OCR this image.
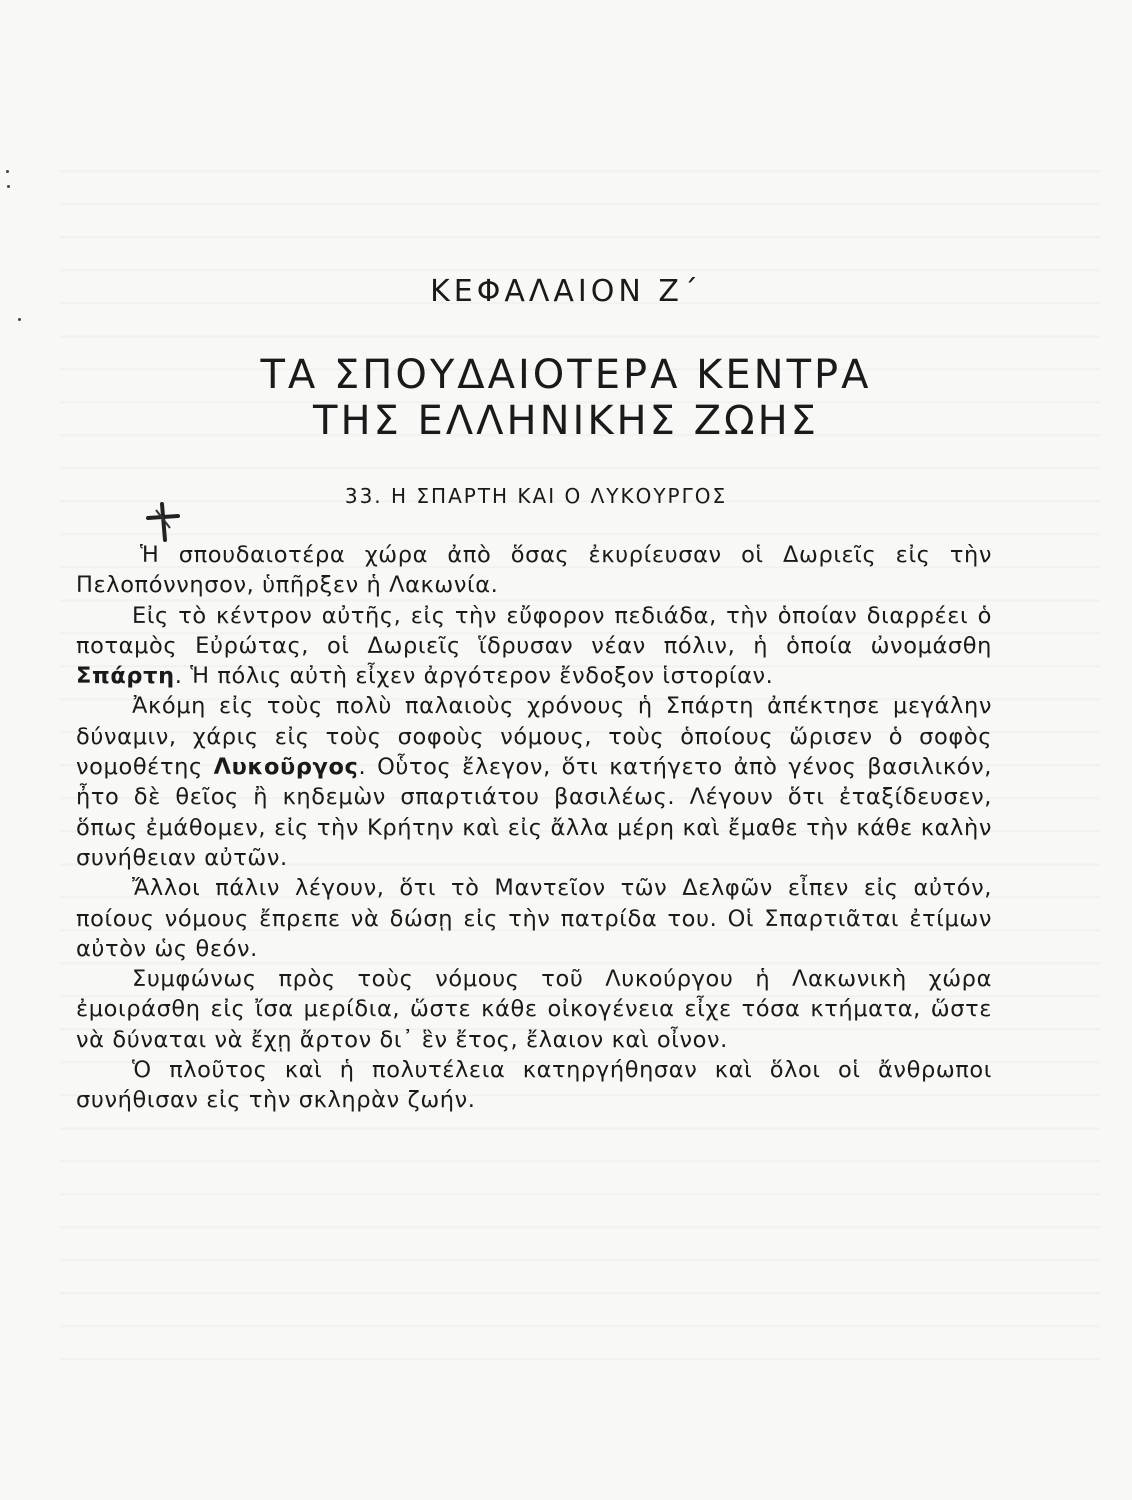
ΚΕΦΑΛΑΙΟΝ Ζ΄
ΤΑ ΣΠΟΥΔΑΙΟΤΕΡΑ ΚΕΝΤΡΑ
ΤΗΣ ΕΛΛΗΝΙΚΗΣ ΖΩΗΣ
33. Η ΣΠΑΡΤΗ ΚΑΙ Ο ΛΥΚΟΥΡΓΟΣ

Ἡ σπουδαιοτέρα χώρα ἀπὸ ὅσας ἐκυρίευσαν οἱ Δωριεῖς εἰς τὴν Πελοπόννησον, ὑπῆρξεν ἡ Λακωνία.

Εἰς τὸ κέντρον αὐτῆς, εἰς τὴν εὔφορον πεδιάδα, τὴν ὁποίαν διαρρέει ὁ ποταμὸς Εὐρώτας, οἱ Δωριεῖς ἵδρυσαν νέαν πόλιν, ἡ ὁποία ὠνομάσθη Σπάρτη. Ἡ πόλις αὐτὴ εἶχεν ἀργότερον ἔνδοξον ἱστορίαν.

Ἀκόμη εἰς τοὺς πολὺ παλαιοὺς χρόνους ἡ Σπάρτη ἀπέκτησε μεγάλην δύναμιν, χάρις εἰς τοὺς σοφοὺς νόμους, τοὺς ὁποίους ὥρισεν ὁ σοφὸς νομοθέτης Λυκοῦργος. Οὗτος ἔλεγον, ὅτι κατήγετο ἀπὸ γένος βασιλικόν, ἦτο δὲ θεῖος ἢ κηδεμὼν σπαρτιάτου βασιλέως. Λέγουν ὅτι ἐταξίδευσεν, ὅπως ἐμάθομεν, εἰς τὴν Κρήτην καὶ εἰς ἄλλα μέρη καὶ ἔμαθε τὴν κάθε καλὴν συνήθειαν αὐτῶν.

Ἄλλοι πάλιν λέγουν, ὅτι τὸ Μαντεῖον τῶν Δελφῶν εἶπεν εἰς αὐτόν, ποίους νόμους ἔπρεπε νὰ δώσῃ εἰς τὴν πατρίδα του. Οἱ Σπαρτιᾶται ἐτίμων αὐτὸν ὡς θεόν.

Συμφώνως πρὸς τοὺς νόμους τοῦ Λυκούργου ἡ Λακωνικὴ χώρα ἐμοιράσθη εἰς ἴσα μερίδια, ὥστε κάθε οἰκογένεια εἶχε τόσα κτήματα, ὥστε νὰ δύναται νὰ ἔχῃ ἄρτον δι᾽ ἓν ἔτος, ἔλαιον καὶ οἶνον.

Ὁ πλοῦτος καὶ ἡ πολυτέλεια κατηργήθησαν καὶ ὅλοι οἱ ἄνθρωποι συνήθισαν εἰς τὴν σκληρὰν ζωήν.
